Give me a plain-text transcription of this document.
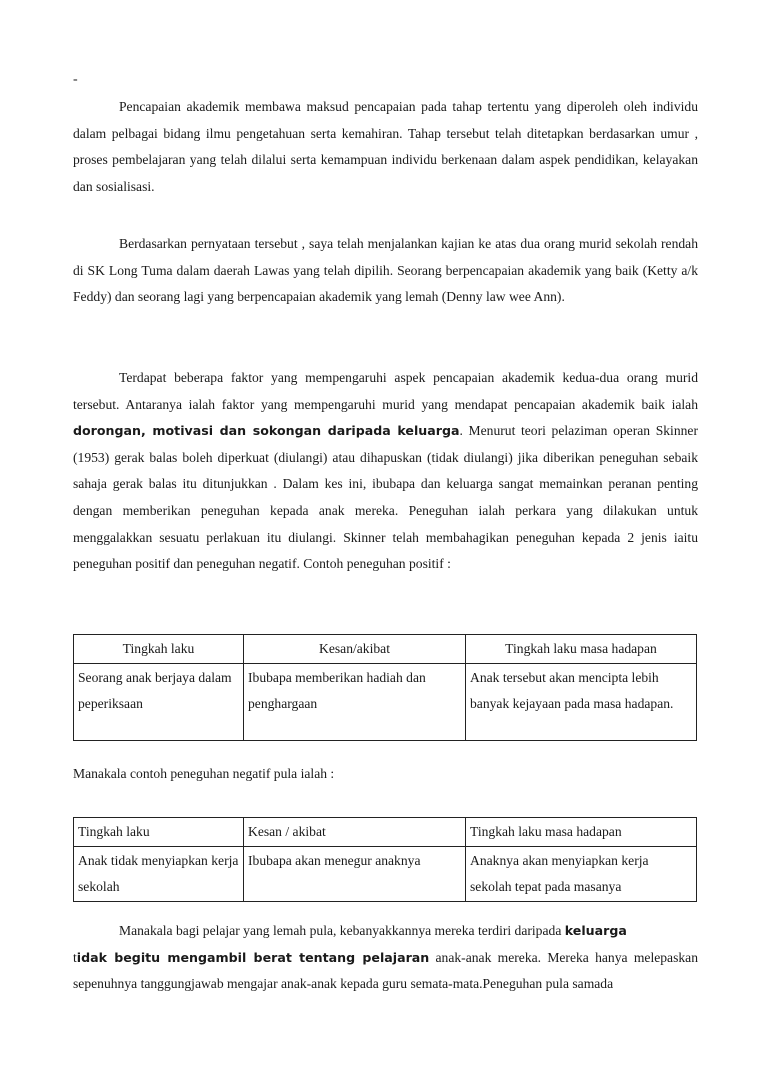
-

Pencapaian akademik membawa maksud pencapaian pada tahap tertentu yang diperoleh oleh individu dalam pelbagai bidang ilmu pengetahuan serta kemahiran. Tahap tersebut telah ditetapkan berdasarkan umur , proses pembelajaran yang telah dilalui serta kemampuan individu berkenaan dalam aspek pendidikan, kelayakan dan sosialisasi.

Berdasarkan pernyataan tersebut , saya telah menjalankan kajian ke atas dua orang murid sekolah rendah di SK Long Tuma dalam daerah Lawas yang telah dipilih. Seorang berpencapaian akademik yang baik (Ketty a/k Feddy) dan seorang lagi yang berpencapaian akademik yang lemah (Denny law wee Ann).

Terdapat beberapa faktor yang mempengaruhi aspek pencapaian akademik kedua-dua orang murid tersebut. Antaranya ialah faktor yang mempengaruhi murid yang mendapat pencapaian akademik baik ialah dorongan, motivasi dan sokongan daripada keluarga. Menurut teori pelaziman operan Skinner (1953) gerak balas boleh diperkuat (diulangi) atau dihapuskan (tidak diulangi) jika diberikan peneguhan sebaik sahaja gerak balas itu ditunjukkan . Dalam kes ini, ibubapa dan keluarga sangat memainkan peranan penting dengan memberikan peneguhan kepada anak mereka. Peneguhan ialah perkara yang dilakukan untuk menggalakkan sesuatu perlakuan itu diulangi. Skinner telah membahagikan peneguhan kepada 2 jenis iaitu peneguhan positif dan peneguhan negatif. Contoh peneguhan positif :

Tingkah laku	Kesan/akibat	Tingkah laku masa hadapan
Seorang anak berjaya dalam peperiksaan	Ibubapa memberikan hadiah dan penghargaan	Anak tersebut akan mencipta lebih banyak kejayaan pada masa hadapan.

Manakala contoh peneguhan negatif pula ialah :

Tingkah laku	Kesan / akibat	Tingkah laku masa hadapan
Anak tidak menyiapkan kerja sekolah	Ibubapa akan menegur anaknya	Anaknya akan menyiapkan kerja sekolah tepat pada masanya

Manakala bagi pelajar yang lemah pula, kebanyakkannya mereka terdiri daripada keluarga
tidak begitu mengambil berat tentang pelajaran anak-anak mereka. Mereka hanya melepaskan sepenuhnya tanggungjawab mengajar anak-anak kepada guru semata-mata.Peneguhan pula samada
